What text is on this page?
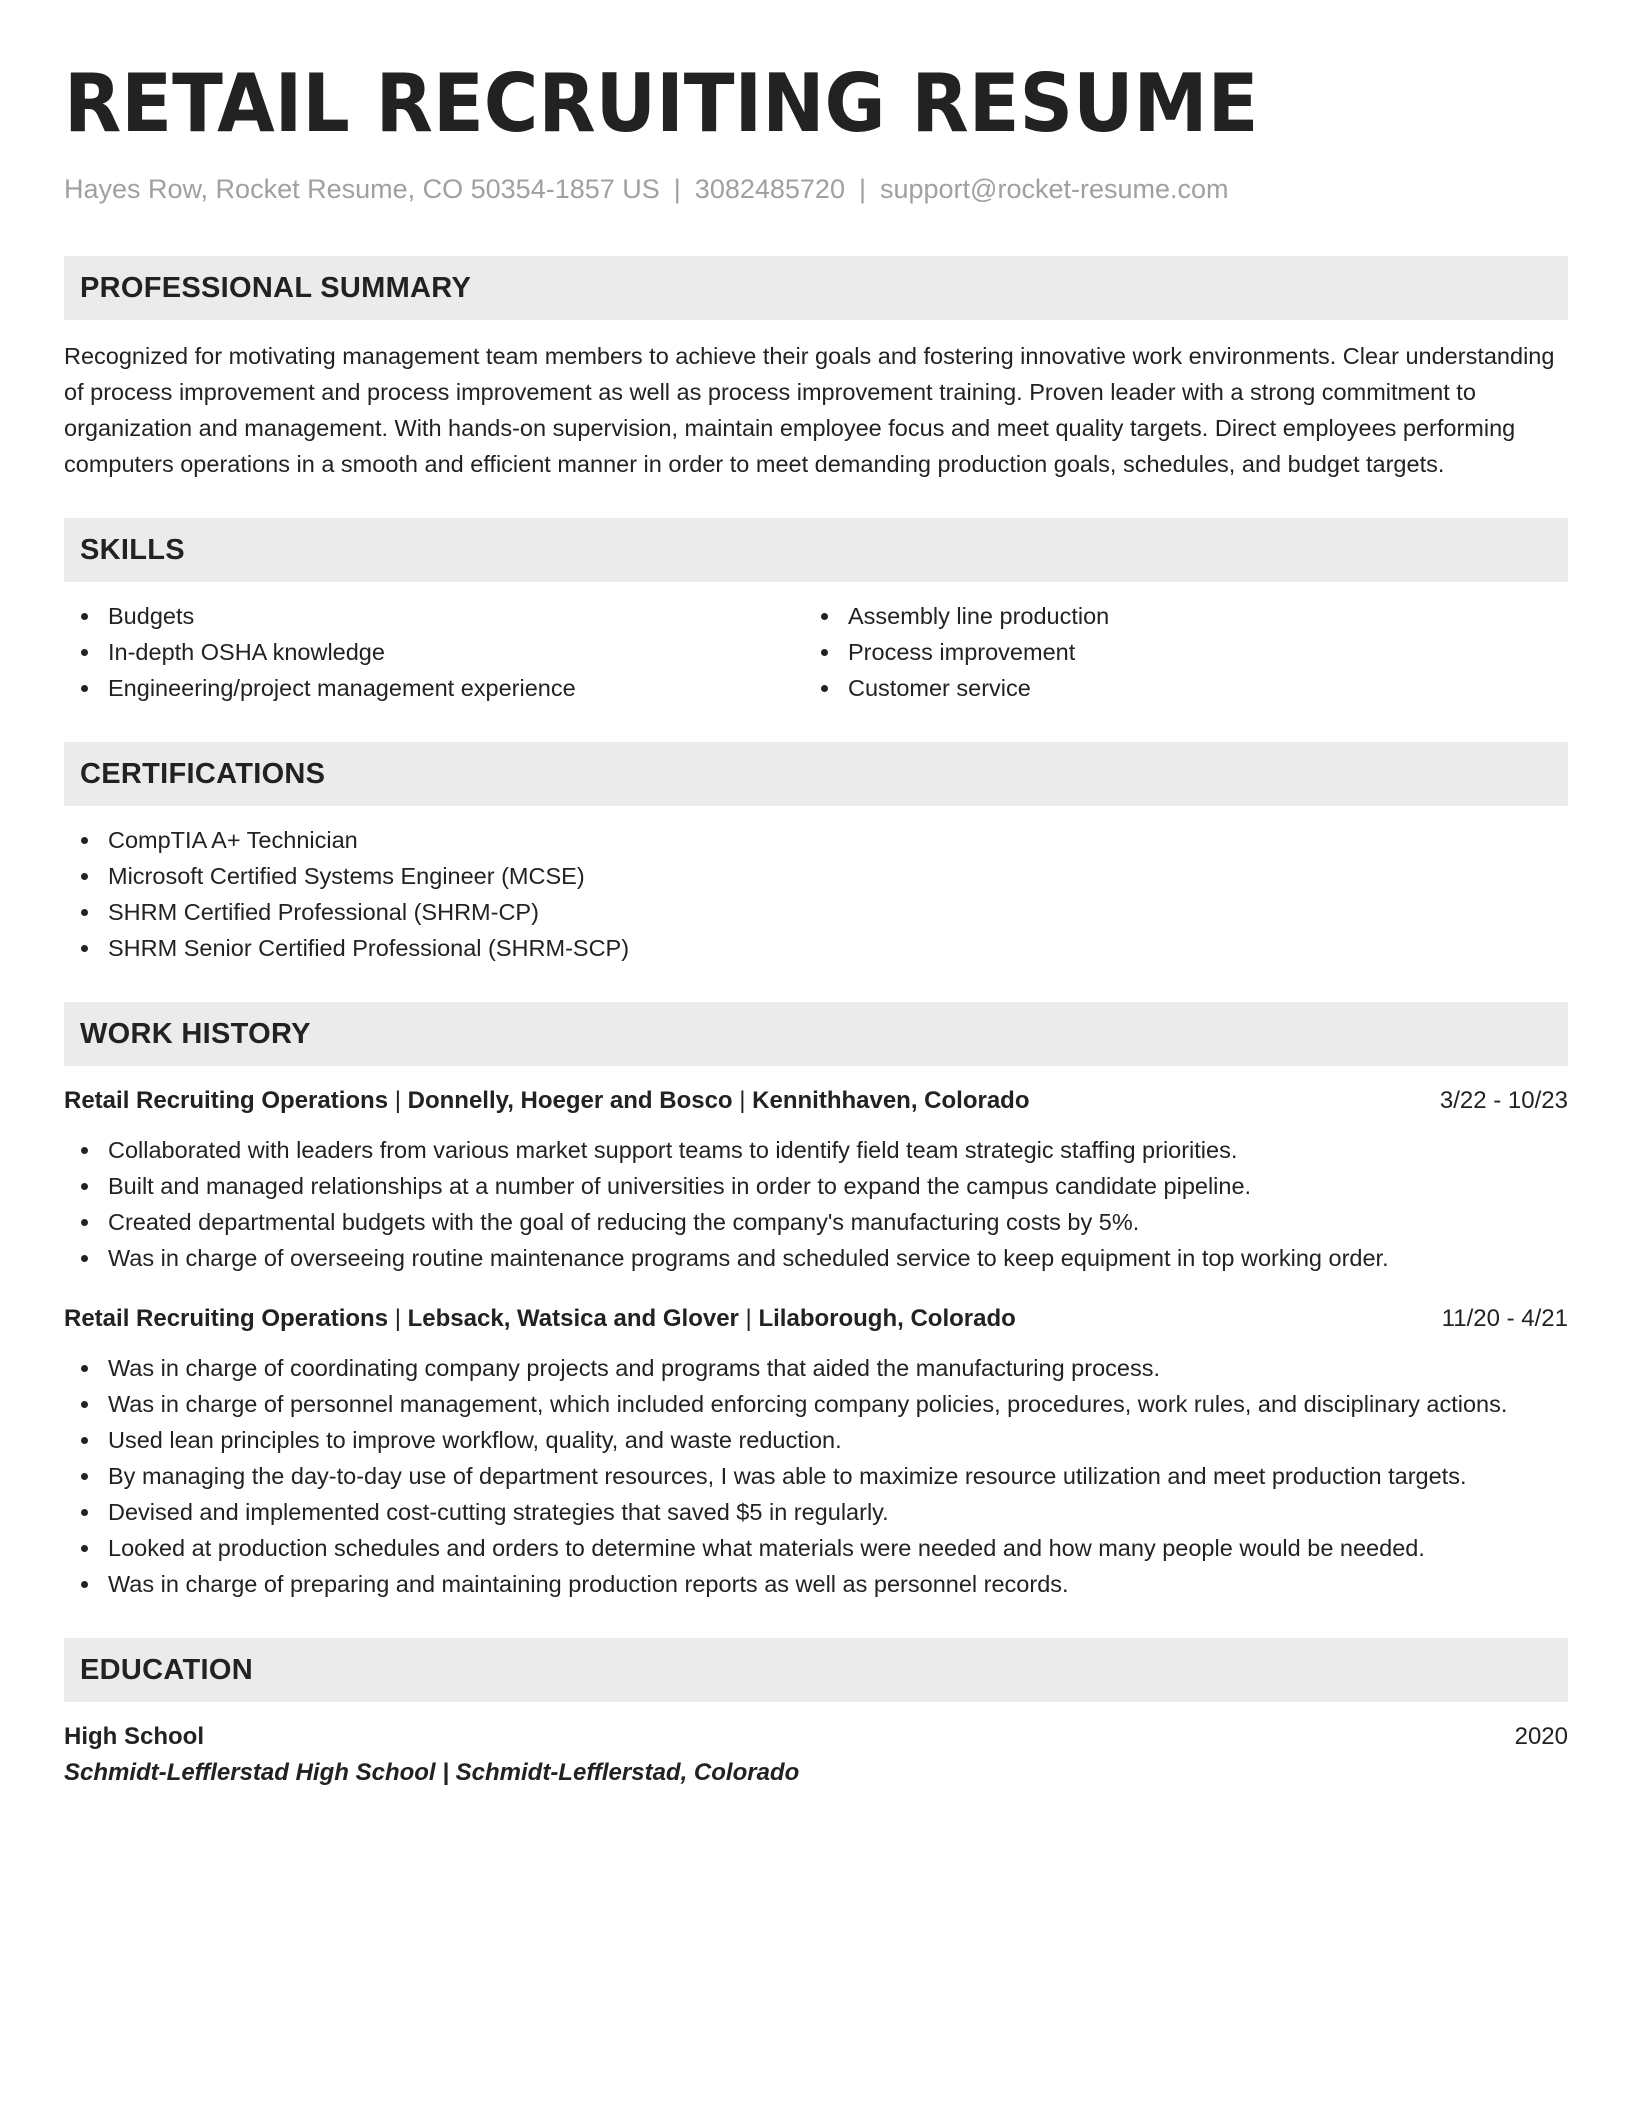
RETAIL RECRUITING RESUME
Hayes Row, Rocket Resume, CO 50354-1857 US | 3082485720 | support@rocket-resume.com
PROFESSIONAL SUMMARY

Recognized for motivating management team members to achieve their goals and fostering innovative work environments. Clear understanding of process improvement and process improvement as well as process improvement training. Proven leader with a strong commitment to organization and management. With hands-on supervision, maintain employee focus and meet quality targets. Direct employees performing computers operations in a smooth and efficient manner in order to meet demanding production goals, schedules, and budget targets.

SKILLS
Budgets
In-depth OSHA knowledge
Engineering/project management experience
Assembly line production
Process improvement
Customer service
CERTIFICATIONS
CompTIA A+ Technician
Microsoft Certified Systems Engineer (MCSE)
SHRM Certified Professional (SHRM-CP)
SHRM Senior Certified Professional (SHRM-SCP)
WORK HISTORY
Retail Recruiting Operations | Donnelly, Hoeger and Bosco | Kennithhaven, Colorado	3/22 - 10/23
Collaborated with leaders from various market support teams to identify field team strategic staffing priorities.
Built and managed relationships at a number of universities in order to expand the campus candidate pipeline.
Created departmental budgets with the goal of reducing the company's manufacturing costs by 5%.
Was in charge of overseeing routine maintenance programs and scheduled service to keep equipment in top working order.
Retail Recruiting Operations | Lebsack, Watsica and Glover | Lilaborough, Colorado	11/20 - 4/21
Was in charge of coordinating company projects and programs that aided the manufacturing process.
Was in charge of personnel management, which included enforcing company policies, procedures, work rules, and disciplinary actions.
Used lean principles to improve workflow, quality, and waste reduction.
By managing the day-to-day use of department resources, I was able to maximize resource utilization and meet production targets.
Devised and implemented cost-cutting strategies that saved $5 in regularly.
Looked at production schedules and orders to determine what materials were needed and how many people would be needed.
Was in charge of preparing and maintaining production reports as well as personnel records.
EDUCATION
High School	2020
Schmidt-Lefflerstad High School | Schmidt-Lefflerstad, Colorado
